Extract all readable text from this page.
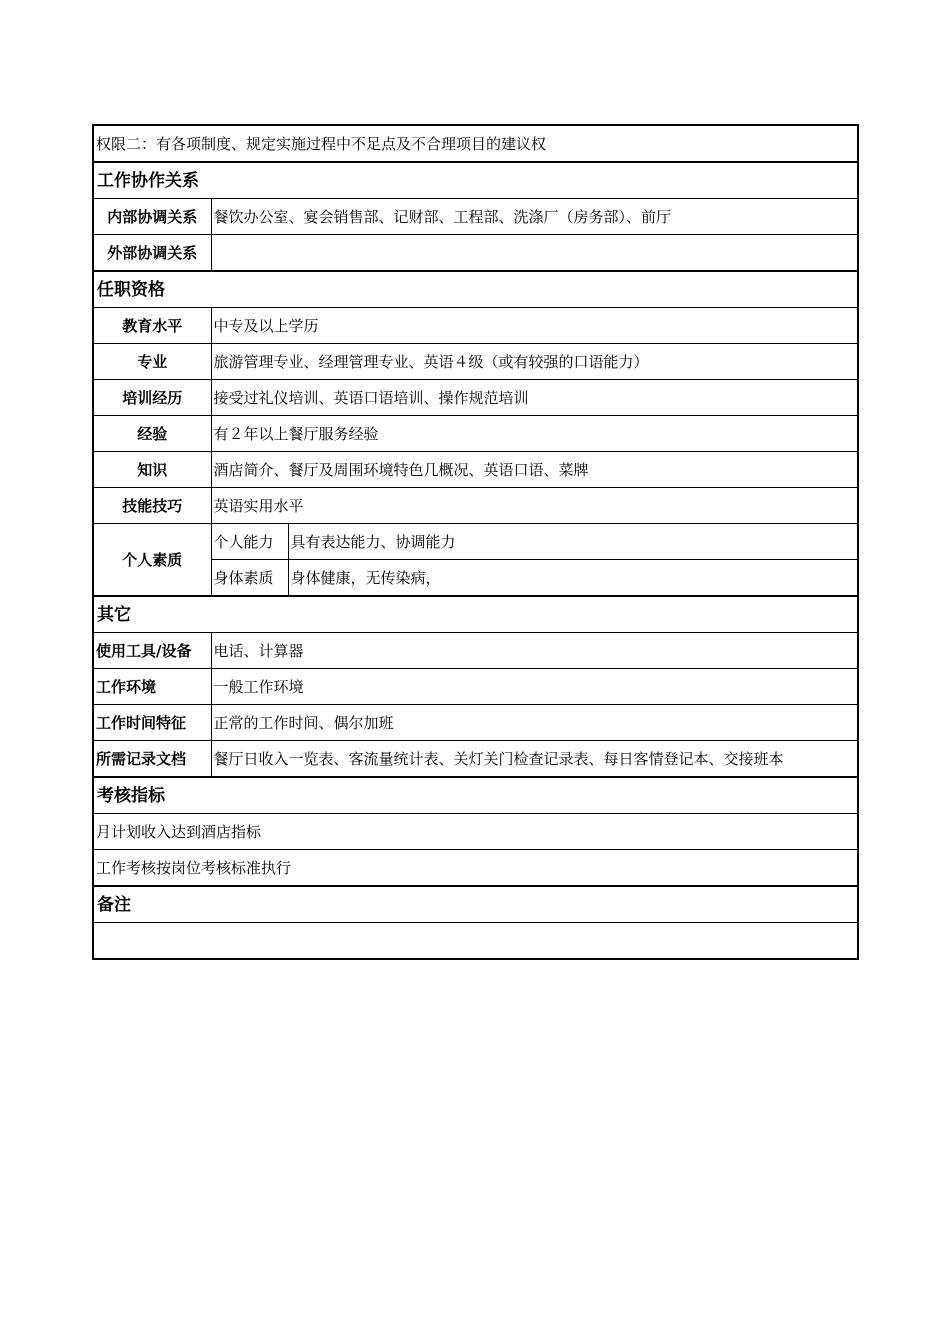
权限二：有各项制度、规定实施过程中不足点及不合理项目的建议权		
工作协作关系		
内部协调关系	餐饮办公室、宴会销售部、记财部、工程部、洗涤厂（房务部）、前厅	
外部协调关系		
任职资格		
教育水平	中专及以上学历	
专业	旅游管理专业、经理管理专业、英语４级（或有较强的口语能力）	
培训经历	接受过礼仪培训、英语口语培训、操作规范培训	
经验	有２年以上餐厅服务经验	
知识	酒店简介、餐厅及周围环境特色几概况、英语口语、菜牌	
技能技巧	英语实用水平	
个人素质	个人能力	具有表达能力、协调能力
	身体素质	身体健康，无传染病，
其它		
使用工具/设备	电话、计算器	
工作环境	一般工作环境	
工作时间特征	正常的工作时间、偶尔加班	
所需记录文档	餐厅日收入一览表、客流量统计表、关灯关门检查记录表、每日客情登记本、交接班本	
考核指标		
月计划收入达到酒店指标		
工作考核按岗位考核标准执行		
备注		
